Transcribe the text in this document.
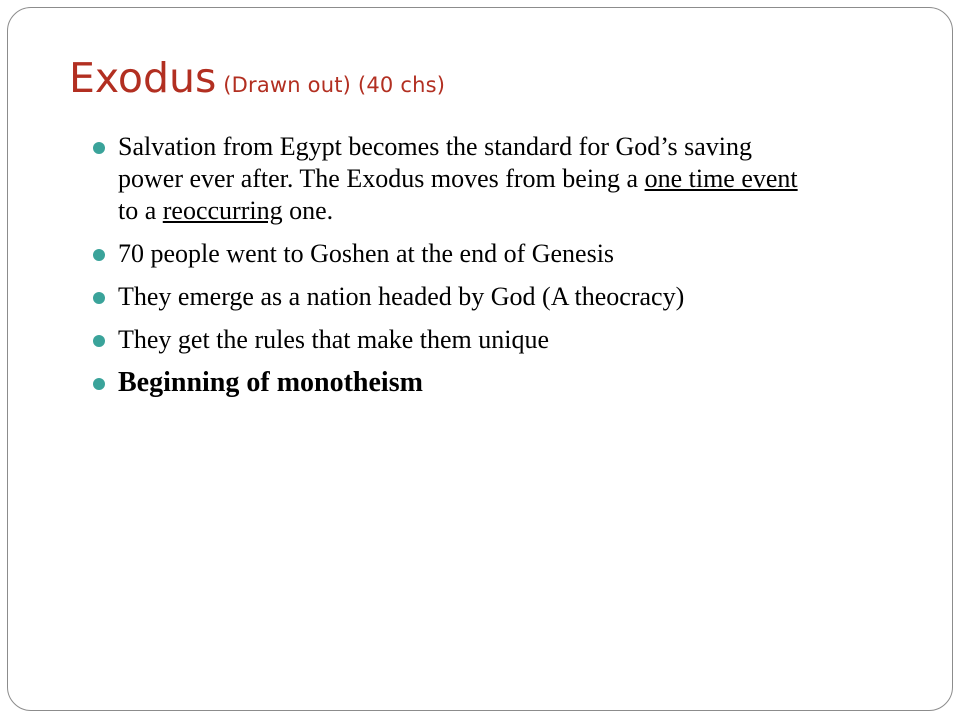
Exodus (Drawn out) (40 chs)
Salvation from Egypt becomes the standard for God’s saving power ever after. The Exodus moves from being a one time event to a reoccurring one.
70 people went to Goshen at the end of Genesis
They emerge as a nation headed by God (A theocracy)
They get the rules that make them unique
Beginning of monotheism
